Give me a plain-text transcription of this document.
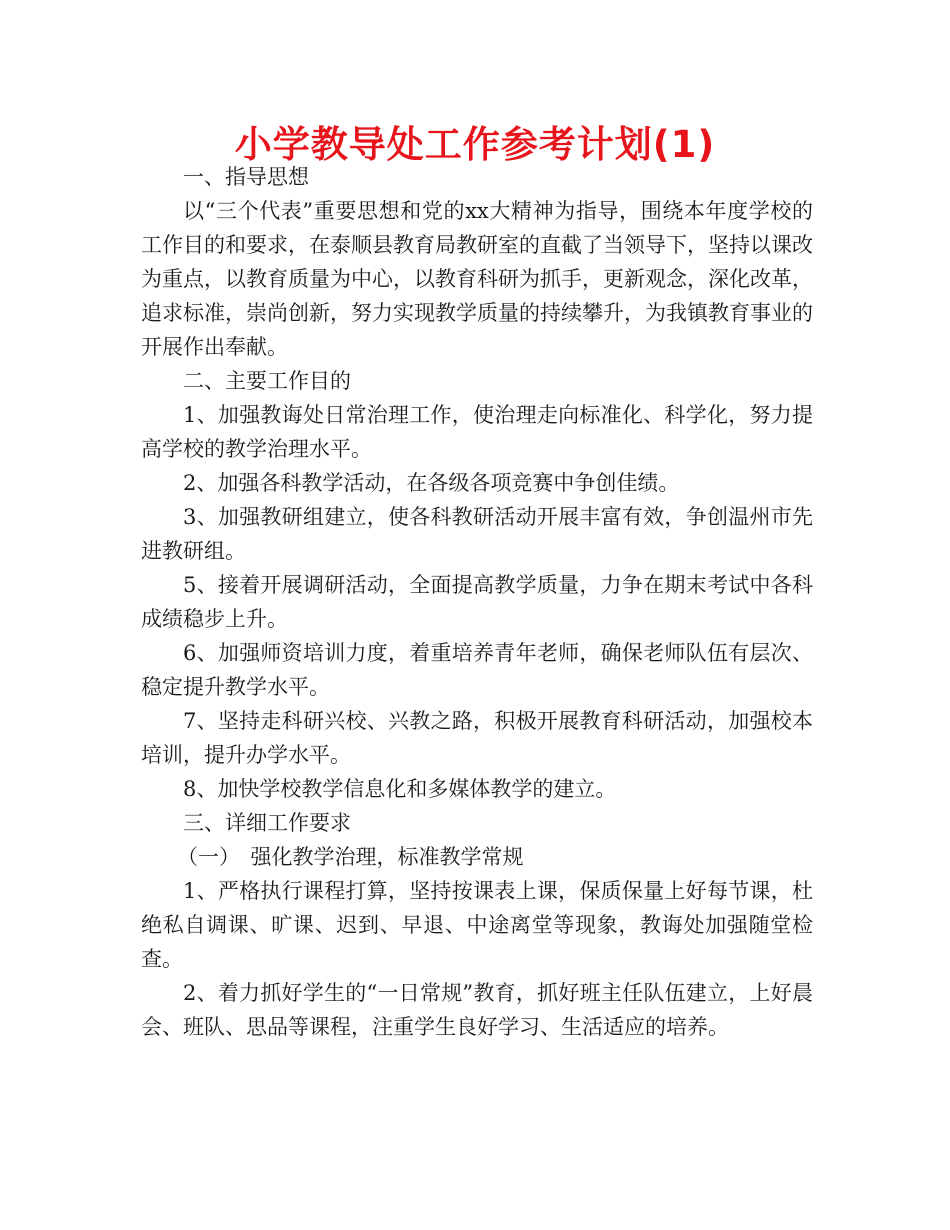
小学教导处工作参考计划(1)

一、指导思想

以“三个代表”重要思想和党的xx大精神为指导，围绕本年度学校的工作目的和要求，在泰顺县教育局教研室的直截了当领导下，坚持以课改为重点，以教育质量为中心，以教育科研为抓手，更新观念，深化改革，追求标准，崇尚创新，努力实现教学质量的持续攀升，为我镇教育事业的开展作出奉献。

二、主要工作目的

1、加强教诲处日常治理工作，使治理走向标准化、科学化，努力提高学校的教学治理水平。

2、加强各科教学活动，在各级各项竞赛中争创佳绩。

3、加强教研组建立，使各科教研活动开展丰富有效，争创温州市先进教研组。

5、接着开展调研活动，全面提高教学质量，力争在期末考试中各科成绩稳步上升。

6、加强师资培训力度，着重培养青年老师，确保老师队伍有层次、稳定提升教学水平。

7、坚持走科研兴校、兴教之路，积极开展教育科研活动，加强校本培训，提升办学水平。

8、加快学校教学信息化和多媒体教学的建立。

三、详细工作要求

（一）　强化教学治理，标准教学常规

1、严格执行课程打算，坚持按课表上课，保质保量上好每节课，杜绝私自调课、旷课、迟到、早退、中途离堂等现象，教诲处加强随堂检查。

2、着力抓好学生的“一日常规”教育，抓好班主任队伍建立，上好晨会、班队、思品等课程，注重学生良好学习、生活适应的培养。
